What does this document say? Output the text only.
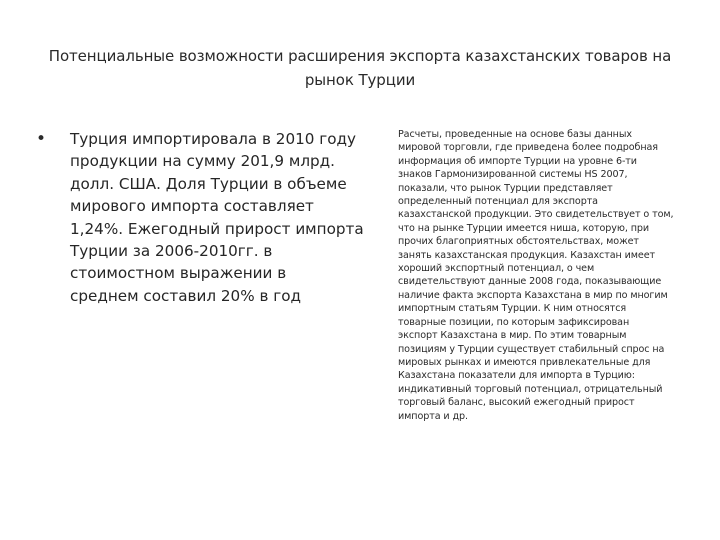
Потенциальные возможности расширения экспорта казахстанских товаров на
рынок Турции
• Турция импортировала в 2010 году
продукции на сумму 201,9 млрд.
долл. США. Доля Турции в объеме
мирового импорта составляет
1,24%. Ежегодный прирост импорта
Турции за 2006-2010гг. в
стоимостном выражении в
среднем составил 20% в год
Расчеты, проведенные на основе базы данных
мировой торговли, где приведена более подробная
информация об импорте Турции на уровне 6-ти
знаков Гармонизированной системы HS 2007,
показали, что рынок Турции представляет
определенный потенциал для экспорта
казахстанской продукции. Это свидетельствует о том,
что на рынке Турции имеется ниша, которую, при
прочих благоприятных обстоятельствах, может
занять казахстанская продукция. Казахстан имеет
хороший экспортный потенциал, о чем
свидетельствуют данные 2008 года, показывающие
наличие факта экспорта Казахстана в мир по многим
импортным статьям Турции. К ним относятся
товарные позиции, по которым зафиксирован
экспорт Казахстана в мир. По этим товарным
позициям у Турции существует стабильный спрос на
мировых рынках и имеются привлекательные для
Казахстана показатели для импорта в Турцию:
индикативный торговый потенциал, отрицательный
торговый баланс, высокий ежегодный прирост
импорта и др.
